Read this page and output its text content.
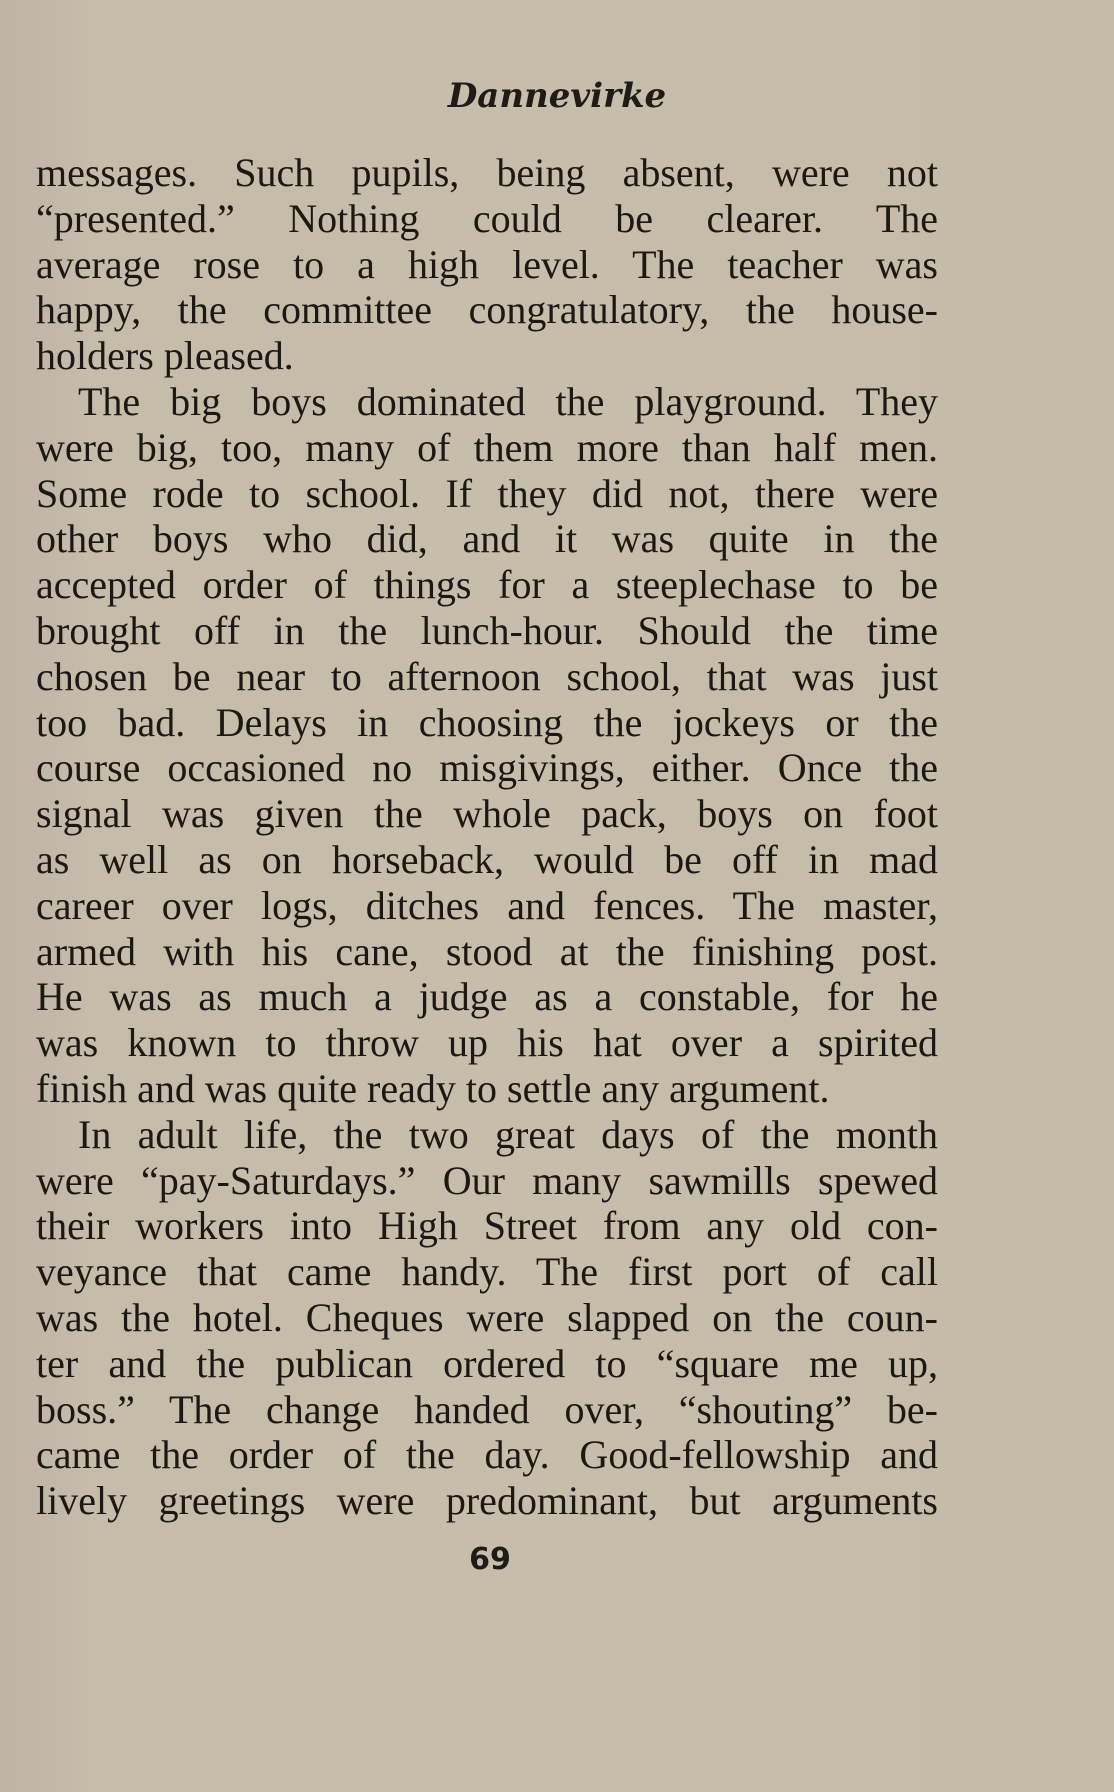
Dannevirke
messages. Such pupils, being absent, were not
“presented.” Nothing could be clearer. The
average rose to a high level. The teacher was
happy, the committee congratulatory, the house-
holders pleased.
The big boys dominated the playground. They
were big, too, many of them more than half men.
Some rode to school. If they did not, there were
other boys who did, and it was quite in the
accepted order of things for a steeplechase to be
brought off in the lunch-hour. Should the time
chosen be near to afternoon school, that was just
too bad. Delays in choosing the jockeys or the
course occasioned no misgivings, either. Once the
signal was given the whole pack, boys on foot
as well as on horseback, would be off in mad
career over logs, ditches and fences. The master,
armed with his cane, stood at the finishing post.
He was as much a judge as a constable, for he
was known to throw up his hat over a spirited
finish and was quite ready to settle any argument.
In adult life, the two great days of the month
were “pay-Saturdays.” Our many sawmills spewed
their workers into High Street from any old con-
veyance that came handy. The first port of call
was the hotel. Cheques were slapped on the coun-
ter and the publican ordered to “square me up,
boss.” The change handed over, “shouting” be-
came the order of the day. Good-fellowship and
lively greetings were predominant, but arguments
69
